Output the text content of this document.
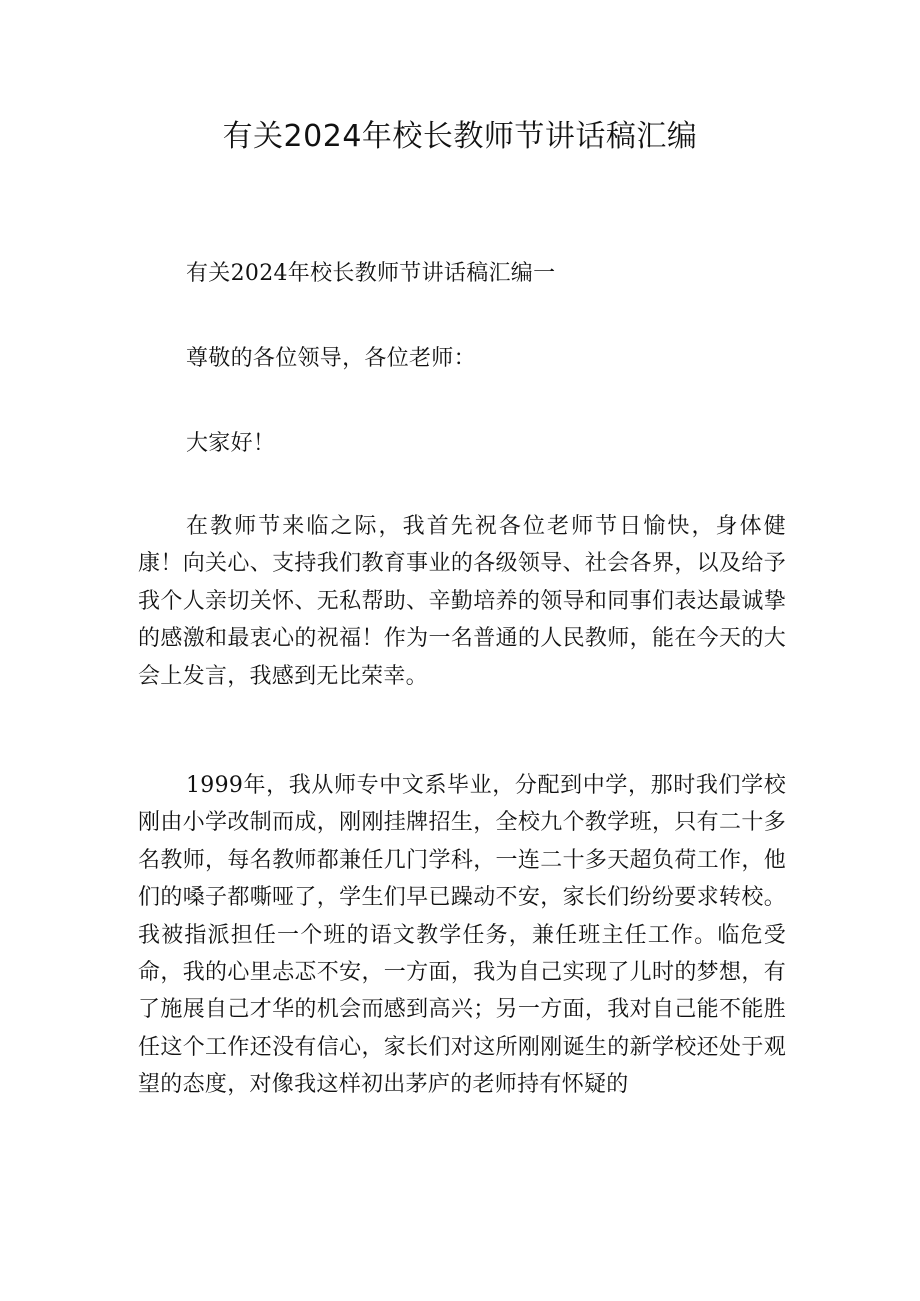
有关2024年校长教师节讲话稿汇编

有关2024年校长教师节讲话稿汇编一

尊敬的各位领导，各位老师：

大家好！

在教师节来临之际，我首先祝各位老师节日愉快，身体健康！向关心、支持我们教育事业的各级领导、社会各界，以及给予我个人亲切关怀、无私帮助、辛勤培养的领导和同事们表达最诚挚的感激和最衷心的祝福！作为一名普通的人民教师，能在今天的大会上发言，我感到无比荣幸。

1999年，我从师专中文系毕业，分配到中学，那时我们学校刚由小学改制而成，刚刚挂牌招生，全校九个教学班，只有二十多名教师，每名教师都兼任几门学科，一连二十多天超负荷工作，他们的嗓子都嘶哑了，学生们早已躁动不安，家长们纷纷要求转校。我被指派担任一个班的语文教学任务，兼任班主任工作。临危受命，我的心里忐忑不安，一方面，我为自己实现了儿时的梦想，有了施展自己才华的机会而感到高兴；另一方面，我对自己能不能胜任这个工作还没有信心，家长们对这所刚刚诞生的新学校还处于观望的态度，对像我这样初出茅庐的老师持有怀疑的
